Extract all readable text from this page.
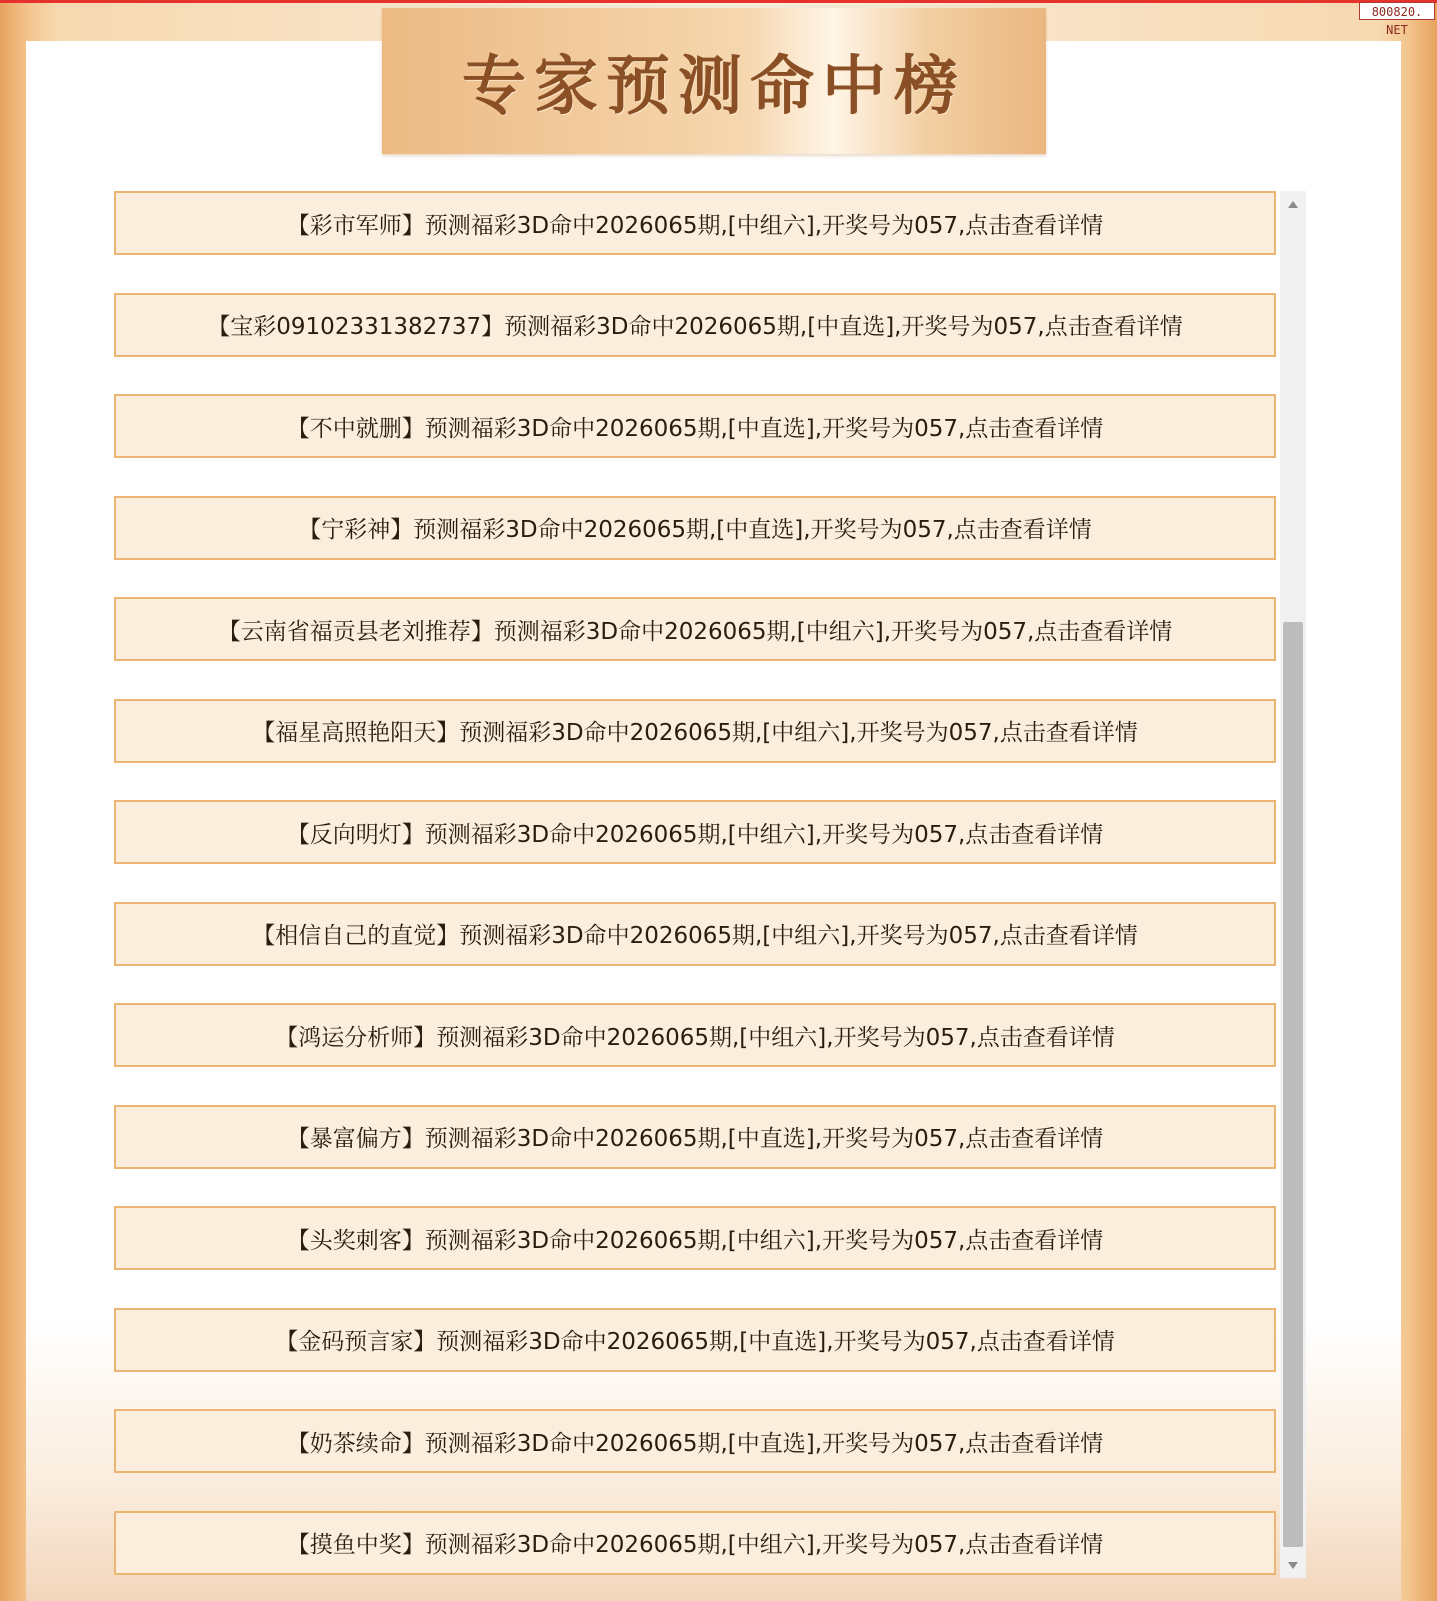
800820. NET
专家预测命中榜
【彩市军师】预测福彩3D命中2026065期,[中组六],开奖号为057,点击查看详情
【宝彩09102331382737】预测福彩3D命中2026065期,[中直选],开奖号为057,点击查看详情
【不中就删】预测福彩3D命中2026065期,[中直选],开奖号为057,点击查看详情
【宁彩神】预测福彩3D命中2026065期,[中直选],开奖号为057,点击查看详情
【云南省福贡县老刘推荐】预测福彩3D命中2026065期,[中组六],开奖号为057,点击查看详情
【福星高照艳阳天】预测福彩3D命中2026065期,[中组六],开奖号为057,点击查看详情
【反向明灯】预测福彩3D命中2026065期,[中组六],开奖号为057,点击查看详情
【相信自己的直觉】预测福彩3D命中2026065期,[中组六],开奖号为057,点击查看详情
【鸿运分析师】预测福彩3D命中2026065期,[中组六],开奖号为057,点击查看详情
【暴富偏方】预测福彩3D命中2026065期,[中直选],开奖号为057,点击查看详情
【头奖刺客】预测福彩3D命中2026065期,[中组六],开奖号为057,点击查看详情
【金码预言家】预测福彩3D命中2026065期,[中直选],开奖号为057,点击查看详情
【奶茶续命】预测福彩3D命中2026065期,[中直选],开奖号为057,点击查看详情
【摸鱼中奖】预测福彩3D命中2026065期,[中组六],开奖号为057,点击查看详情
